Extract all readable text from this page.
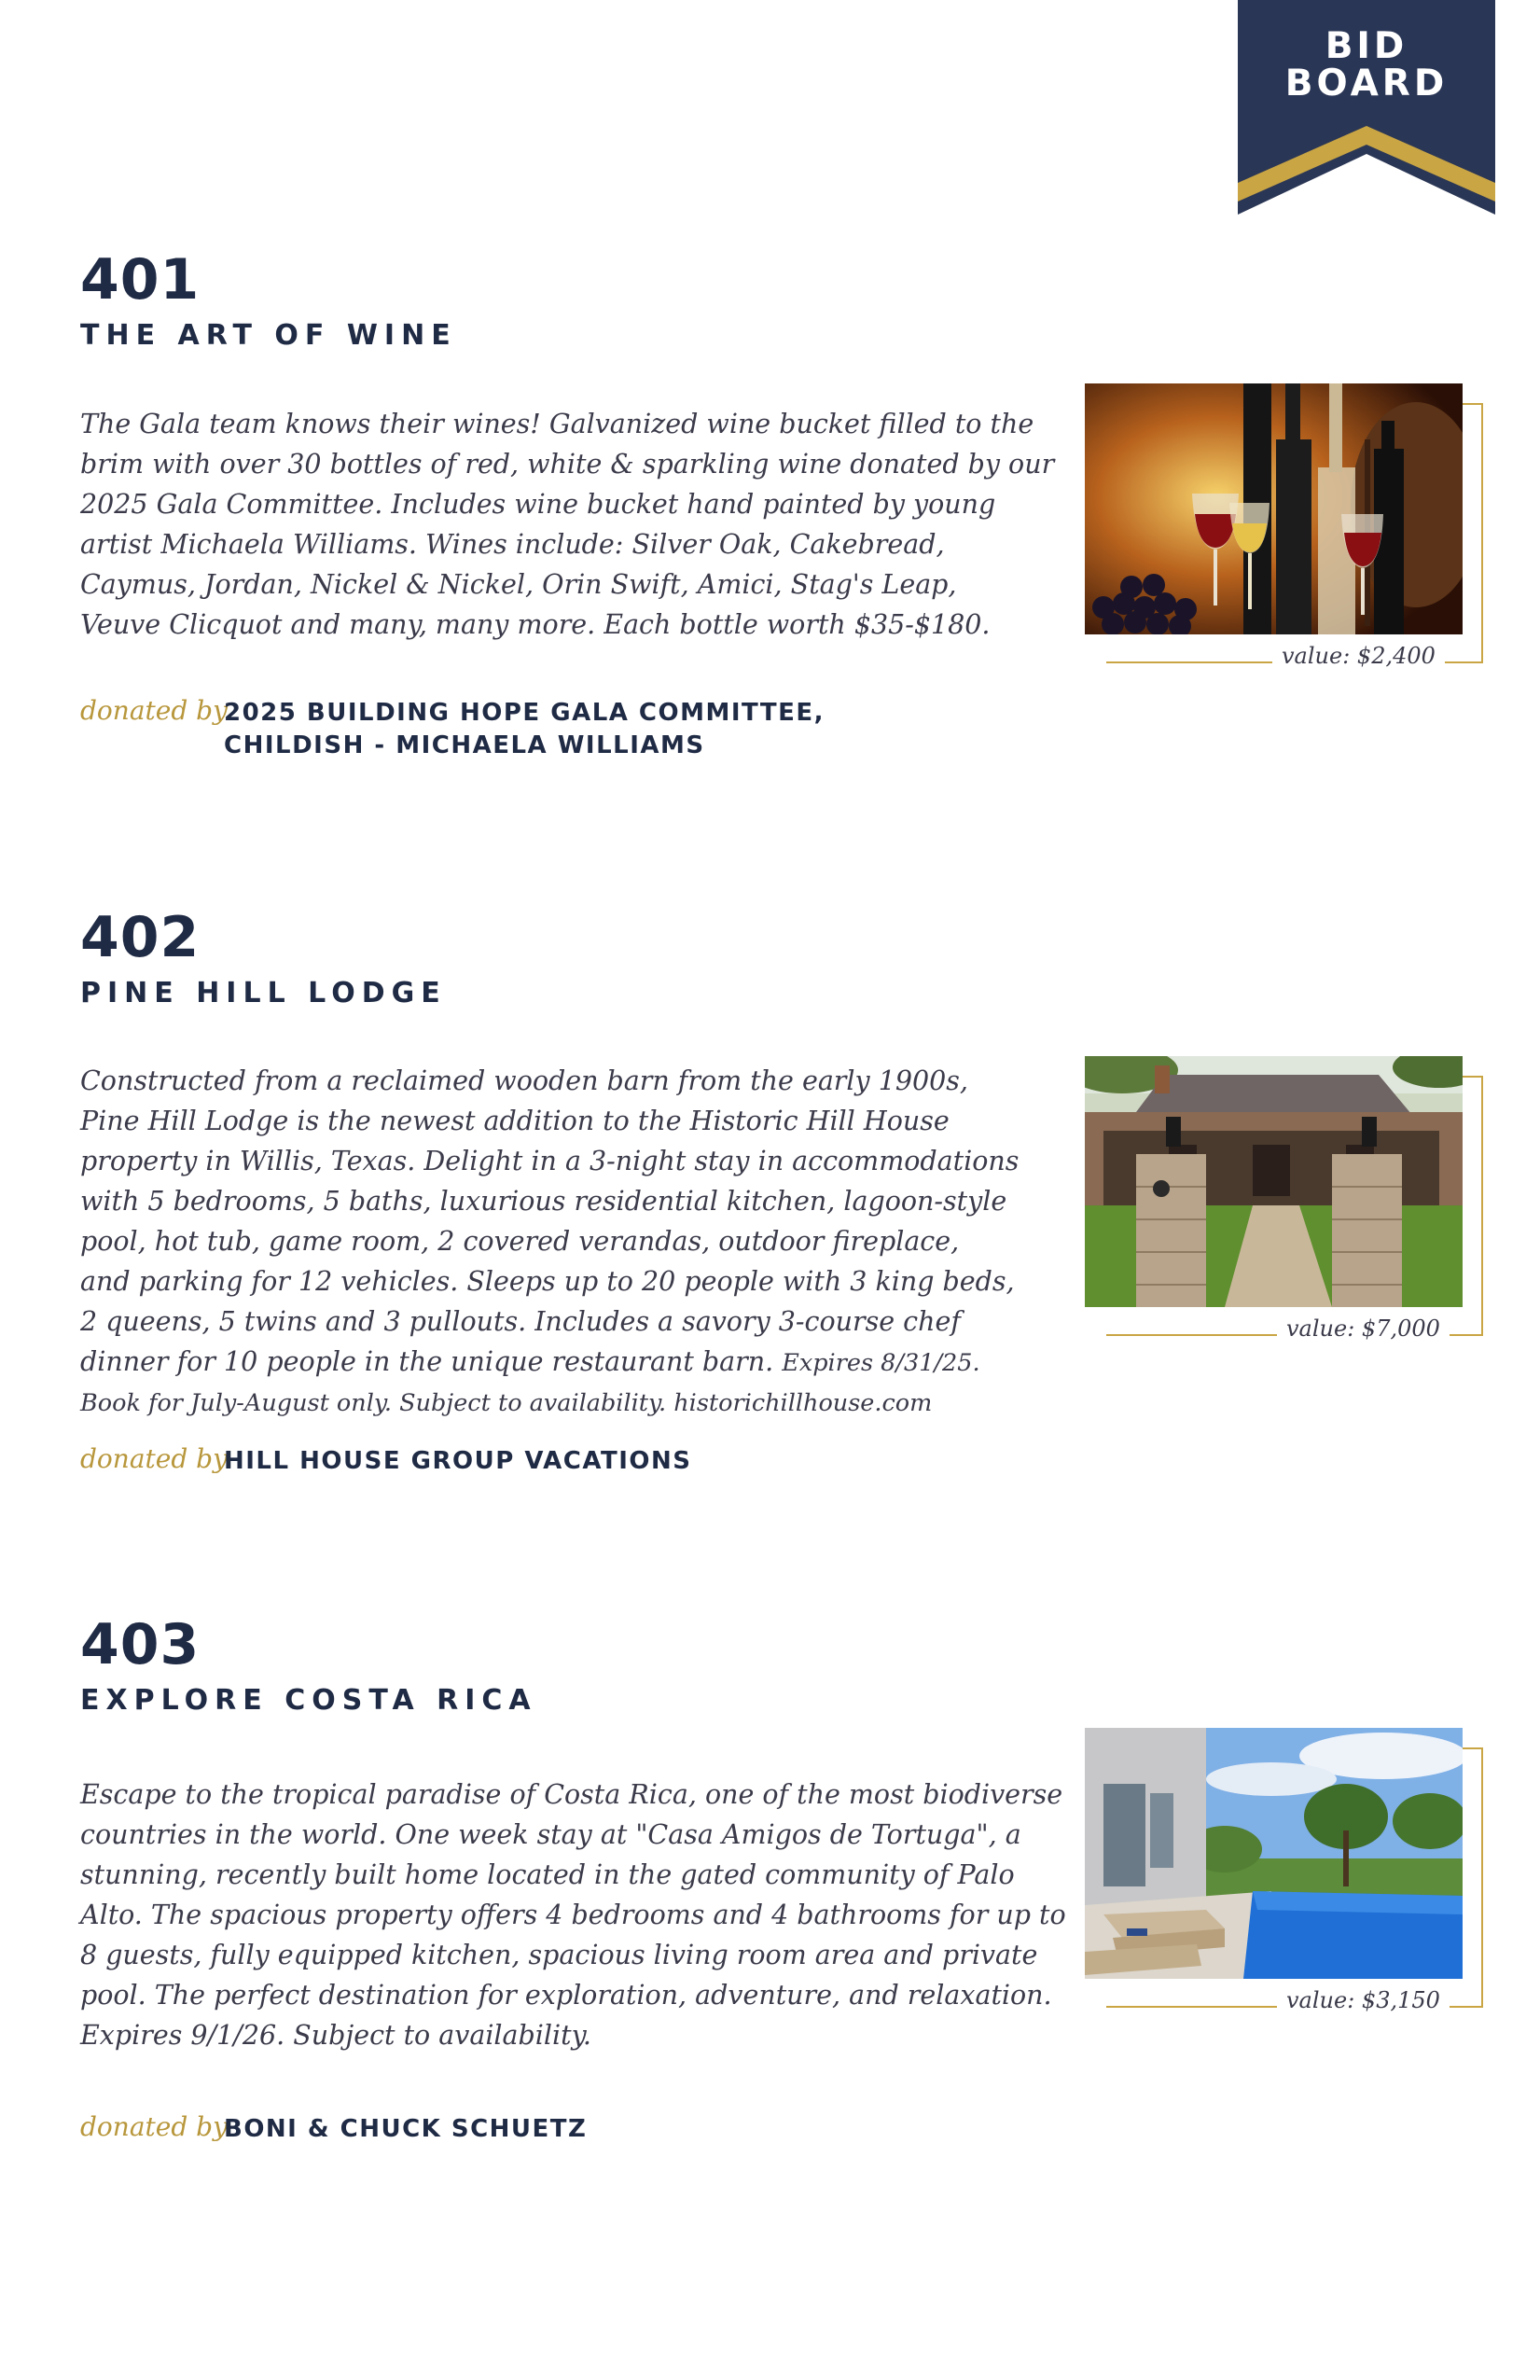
BID
BOARD
401
THE ART OF WINE
The Gala team knows their wines! Galvanized wine bucket filled to the
brim with over 30 bottles of red, white & sparkling wine donated by our
2025 Gala Committee. Includes wine bucket hand painted by young
artist Michaela Williams. Wines include: Silver Oak, Cakebread,
Caymus, Jordan, Nickel & Nickel, Orin Swift, Amici, Stag's Leap,
Veuve Clicquot and many, many more. Each bottle worth $35-$180.
donated by
2025 BUILDING HOPE GALA COMMITTEE,
CHILDISH - MICHAELA WILLIAMS
value: $2,400
402
PINE HILL LODGE
Constructed from a reclaimed wooden barn from the early 1900s,
Pine Hill Lodge is the newest addition to the Historic Hill House
property in Willis, Texas. Delight in a 3-night stay in accommodations
with 5 bedrooms, 5 baths, luxurious residential kitchen, lagoon-style
pool, hot tub, game room, 2 covered verandas, outdoor fireplace,
and parking for 12 vehicles. Sleeps up to 20 people with 3 king beds,
2 queens, 5 twins and 3 pullouts. Includes a savory 3-course chef
dinner for 10 people in the unique restaurant barn. Expires 8/31/25.
Book for July-August only. Subject to availability. historichillhouse.com
donated by
HILL HOUSE GROUP VACATIONS
value: $7,000
403
EXPLORE COSTA RICA
Escape to the tropical paradise of Costa Rica, one of the most biodiverse
countries in the world. One week stay at "Casa Amigos de Tortuga", a
stunning, recently built home located in the gated community of Palo
Alto. The spacious property offers 4 bedrooms and 4 bathrooms for up to
8 guests, fully equipped kitchen, spacious living room area and private
pool. The perfect destination for exploration, adventure, and relaxation.
Expires 9/1/26. Subject to availability.
donated by
BONI & CHUCK SCHUETZ
value: $3,150
